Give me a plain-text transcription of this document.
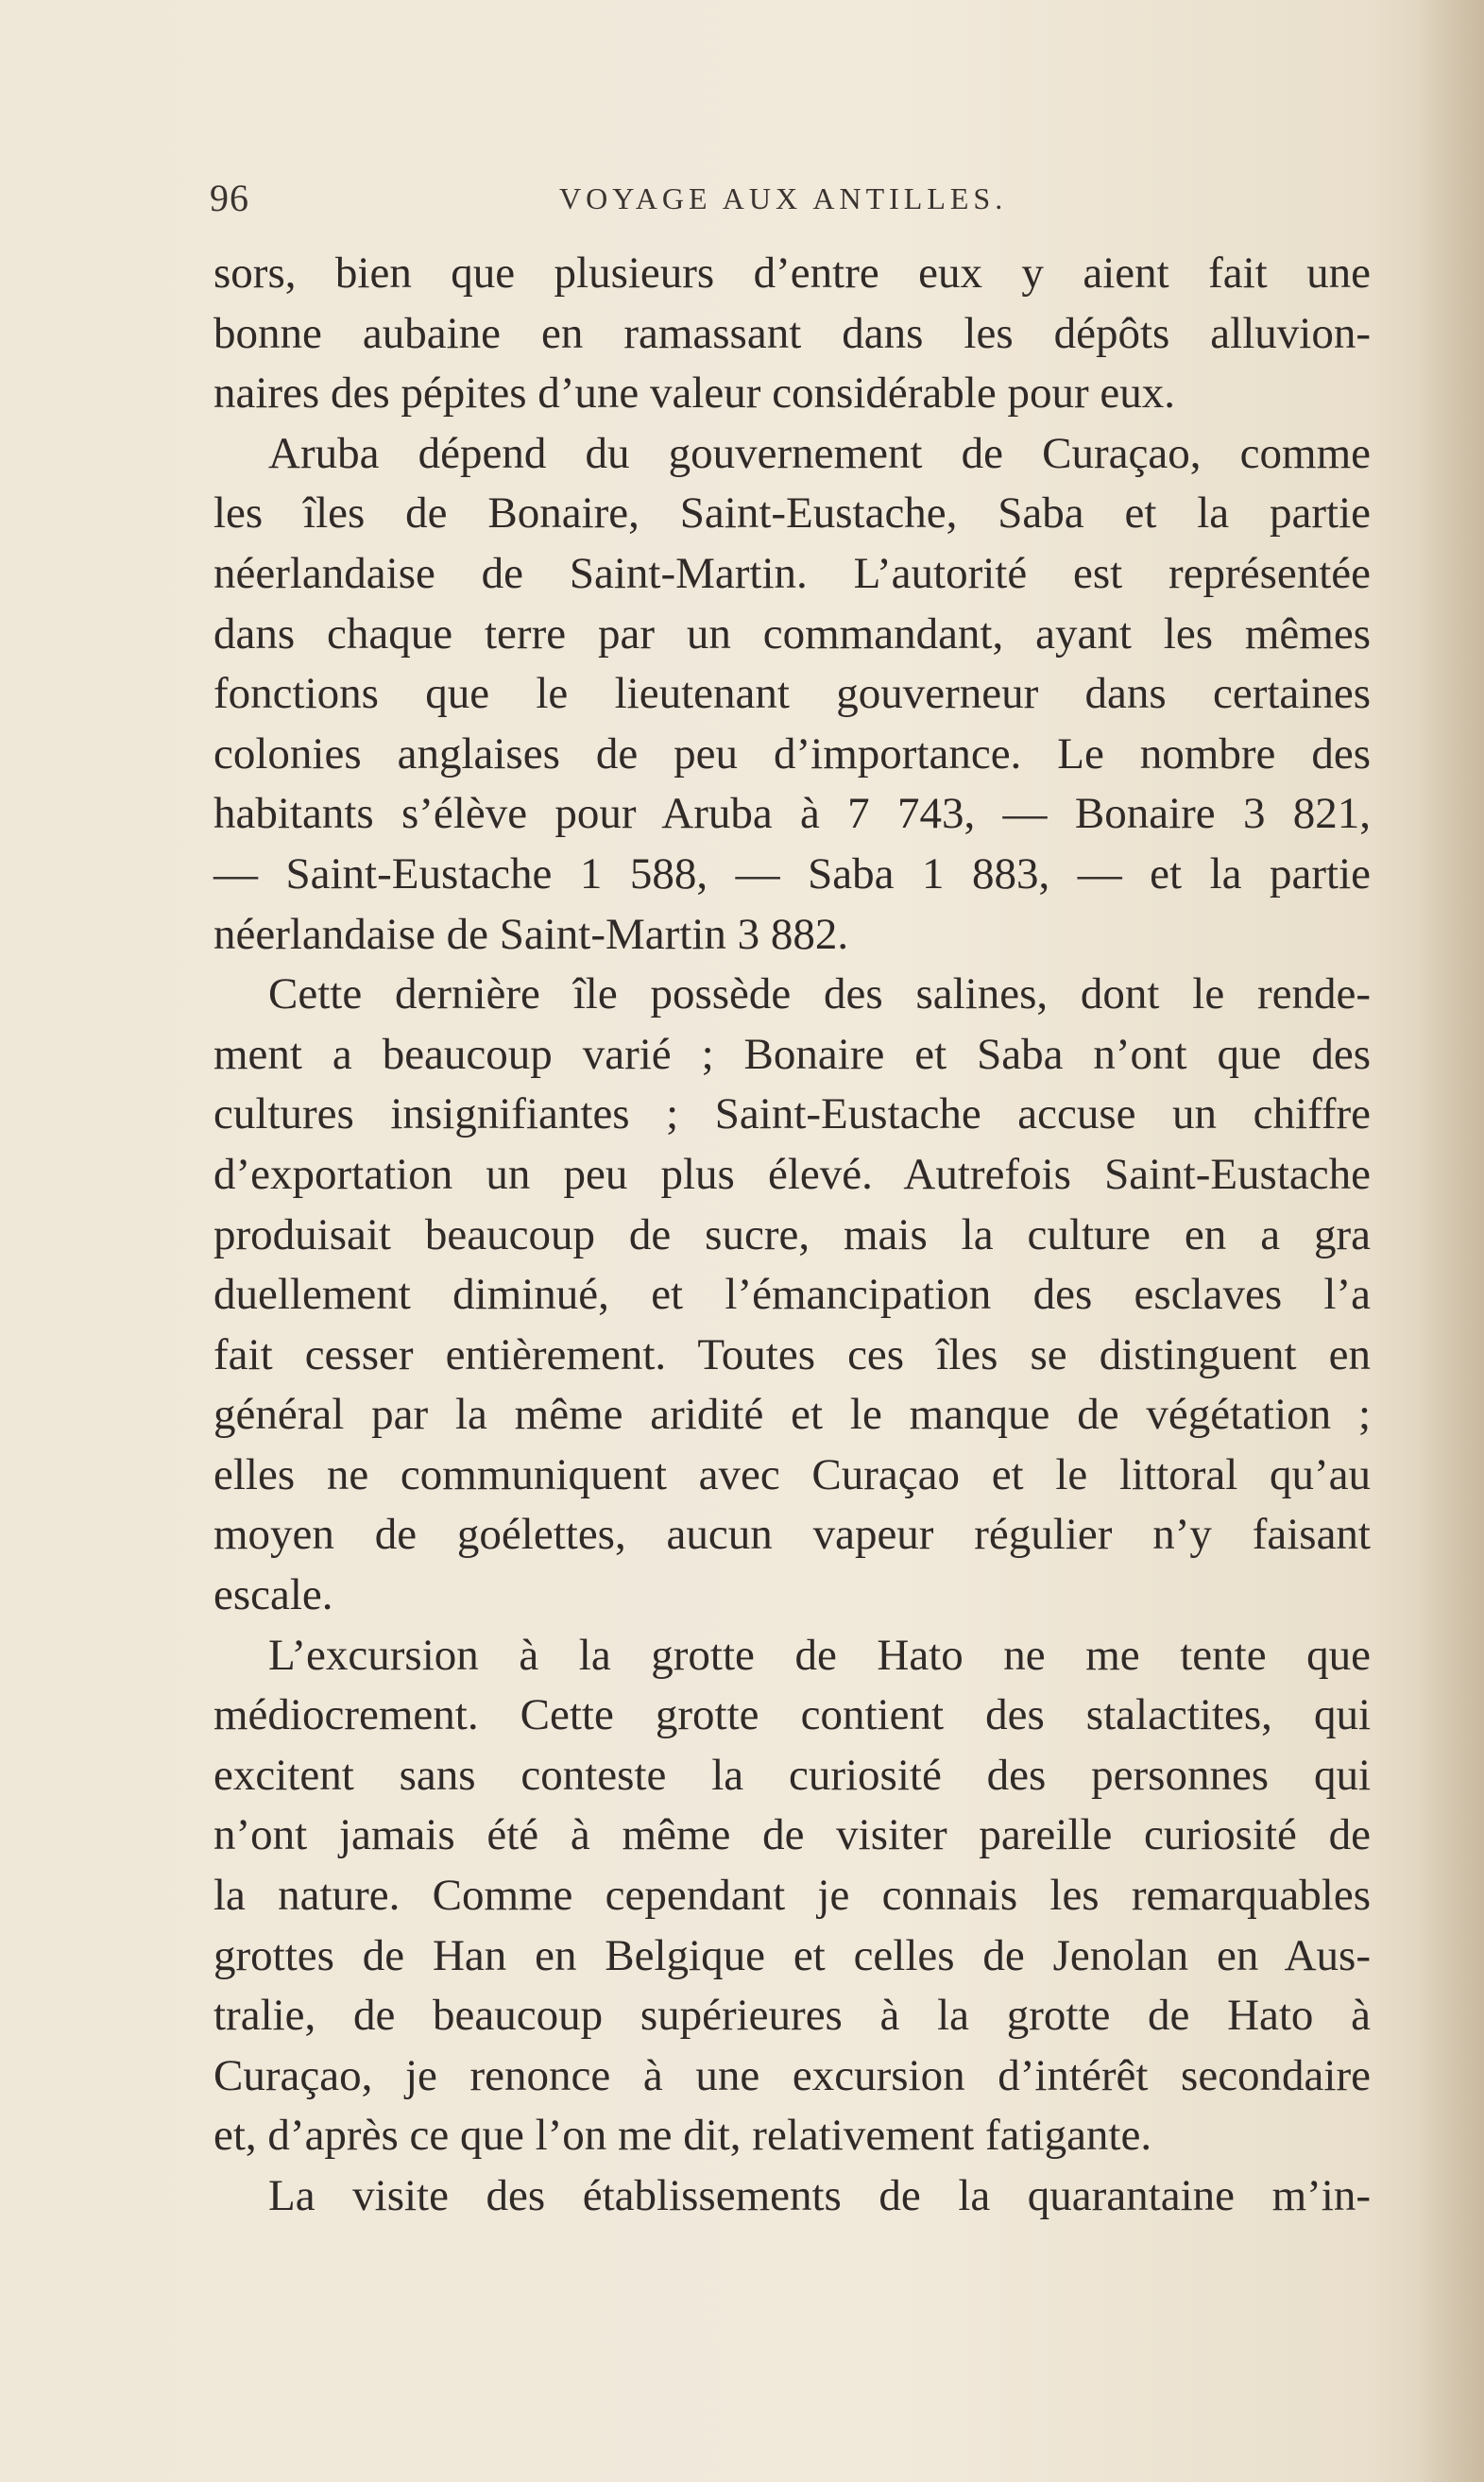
96	VOYAGE AUX ANTILLES.
sors, bien que plusieurs d’entre eux y aient fait une
bonne aubaine en ramassant dans les dépôts alluvion-
naires des pépites d’une valeur considérable pour eux.
Aruba dépend du gouvernement de Curaçao, comme
les îles de Bonaire, Saint-Eustache, Saba et la partie
néerlandaise de Saint-Martin. L’autorité est représentée
dans chaque terre par un commandant, ayant les mêmes
fonctions que le lieutenant gouverneur dans certaines
colonies anglaises de peu d’importance. Le nombre des
habitants s’élève pour Aruba à 7 743, — Bonaire 3 821,
— Saint-Eustache 1 588, — Saba 1 883, — et la partie
néerlandaise de Saint-Martin 3 882.
Cette dernière île possède des salines, dont le rende-
ment a beaucoup varié ; Bonaire et Saba n’ont que des
cultures insignifiantes ; Saint-Eustache accuse un chiffre
d’exportation un peu plus élevé. Autrefois Saint-Eustache
produisait beaucoup de sucre, mais la culture en a gra
duellement diminué, et l’émancipation des esclaves l’a
fait cesser entièrement. Toutes ces îles se distinguent en
général par la même aridité et le manque de végétation ;
elles ne communiquent avec Curaçao et le littoral qu’au
moyen de goélettes, aucun vapeur régulier n’y faisant
escale.
L’excursion à la grotte de Hato ne me tente que
médiocrement. Cette grotte contient des stalactites, qui
excitent sans conteste la curiosité des personnes qui
n’ont jamais été à même de visiter pareille curiosité de
la nature. Comme cependant je connais les remarquables
grottes de Han en Belgique et celles de Jenolan en Aus-
tralie, de beaucoup supérieures à la grotte de Hato à
Curaçao, je renonce à une excursion d’intérêt secondaire
et, d’après ce que l’on me dit, relativement fatigante.
La visite des établissements de la quarantaine m’in-
